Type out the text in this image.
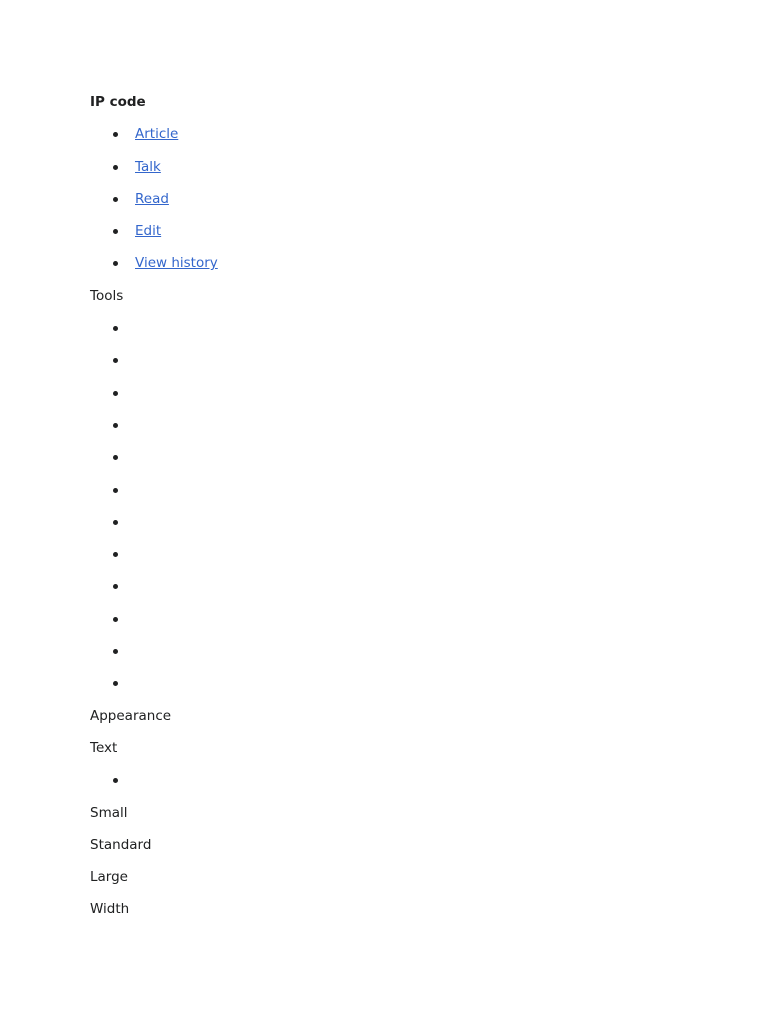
IP code
Article
Talk
Read
Edit
View history
Tools
Appearance
Text
Small
Standard
Large
Width
